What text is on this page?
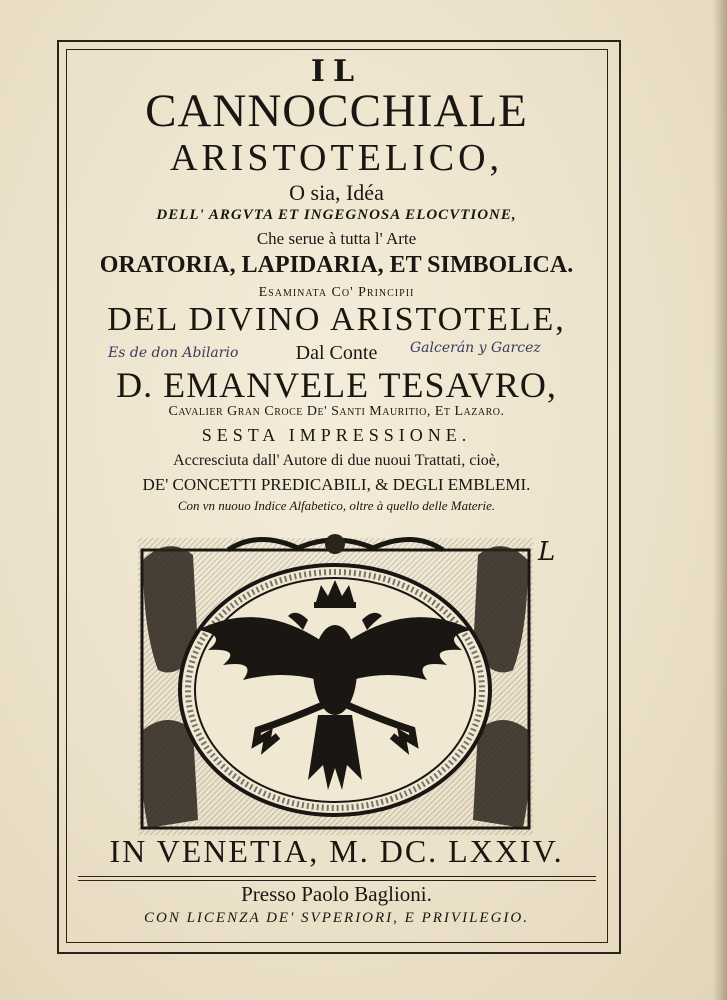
IL
CANNOCCHIALE
ARISTOTELICO,
O sia, Idéa
DELL' ARGVTA ET INGEGNOSA ELOCVTIONE,
Che serue à tutta l' Arte
ORATORIA, LAPIDARIA, ET SIMBOLICA.
Esaminata Co' Principii
DEL DIVINO ARISTOTELE,
Es de don Abilario	Dal Conte	Galcerán y Garcez
D. EMANVELE TESAVRO,
Cavalier Gran Croce De' Santi Mauritio, Et Lazaro.
SESTA IMPRESSIONE.
Accresciuta dall' Autore di due nuoui Trattati, cioè,
DE' CONCETTI PREDICABILI, & DEGLI EMBLEMI.
Con vn nuouo Indice Alfabetico, oltre à quello delle Materie.
L
IN VENETIA, M. DC. LXXIV.
Presso Paolo Baglioni.
CON LICENZA DE' SVPERIORI, E PRIVILEGIO.
